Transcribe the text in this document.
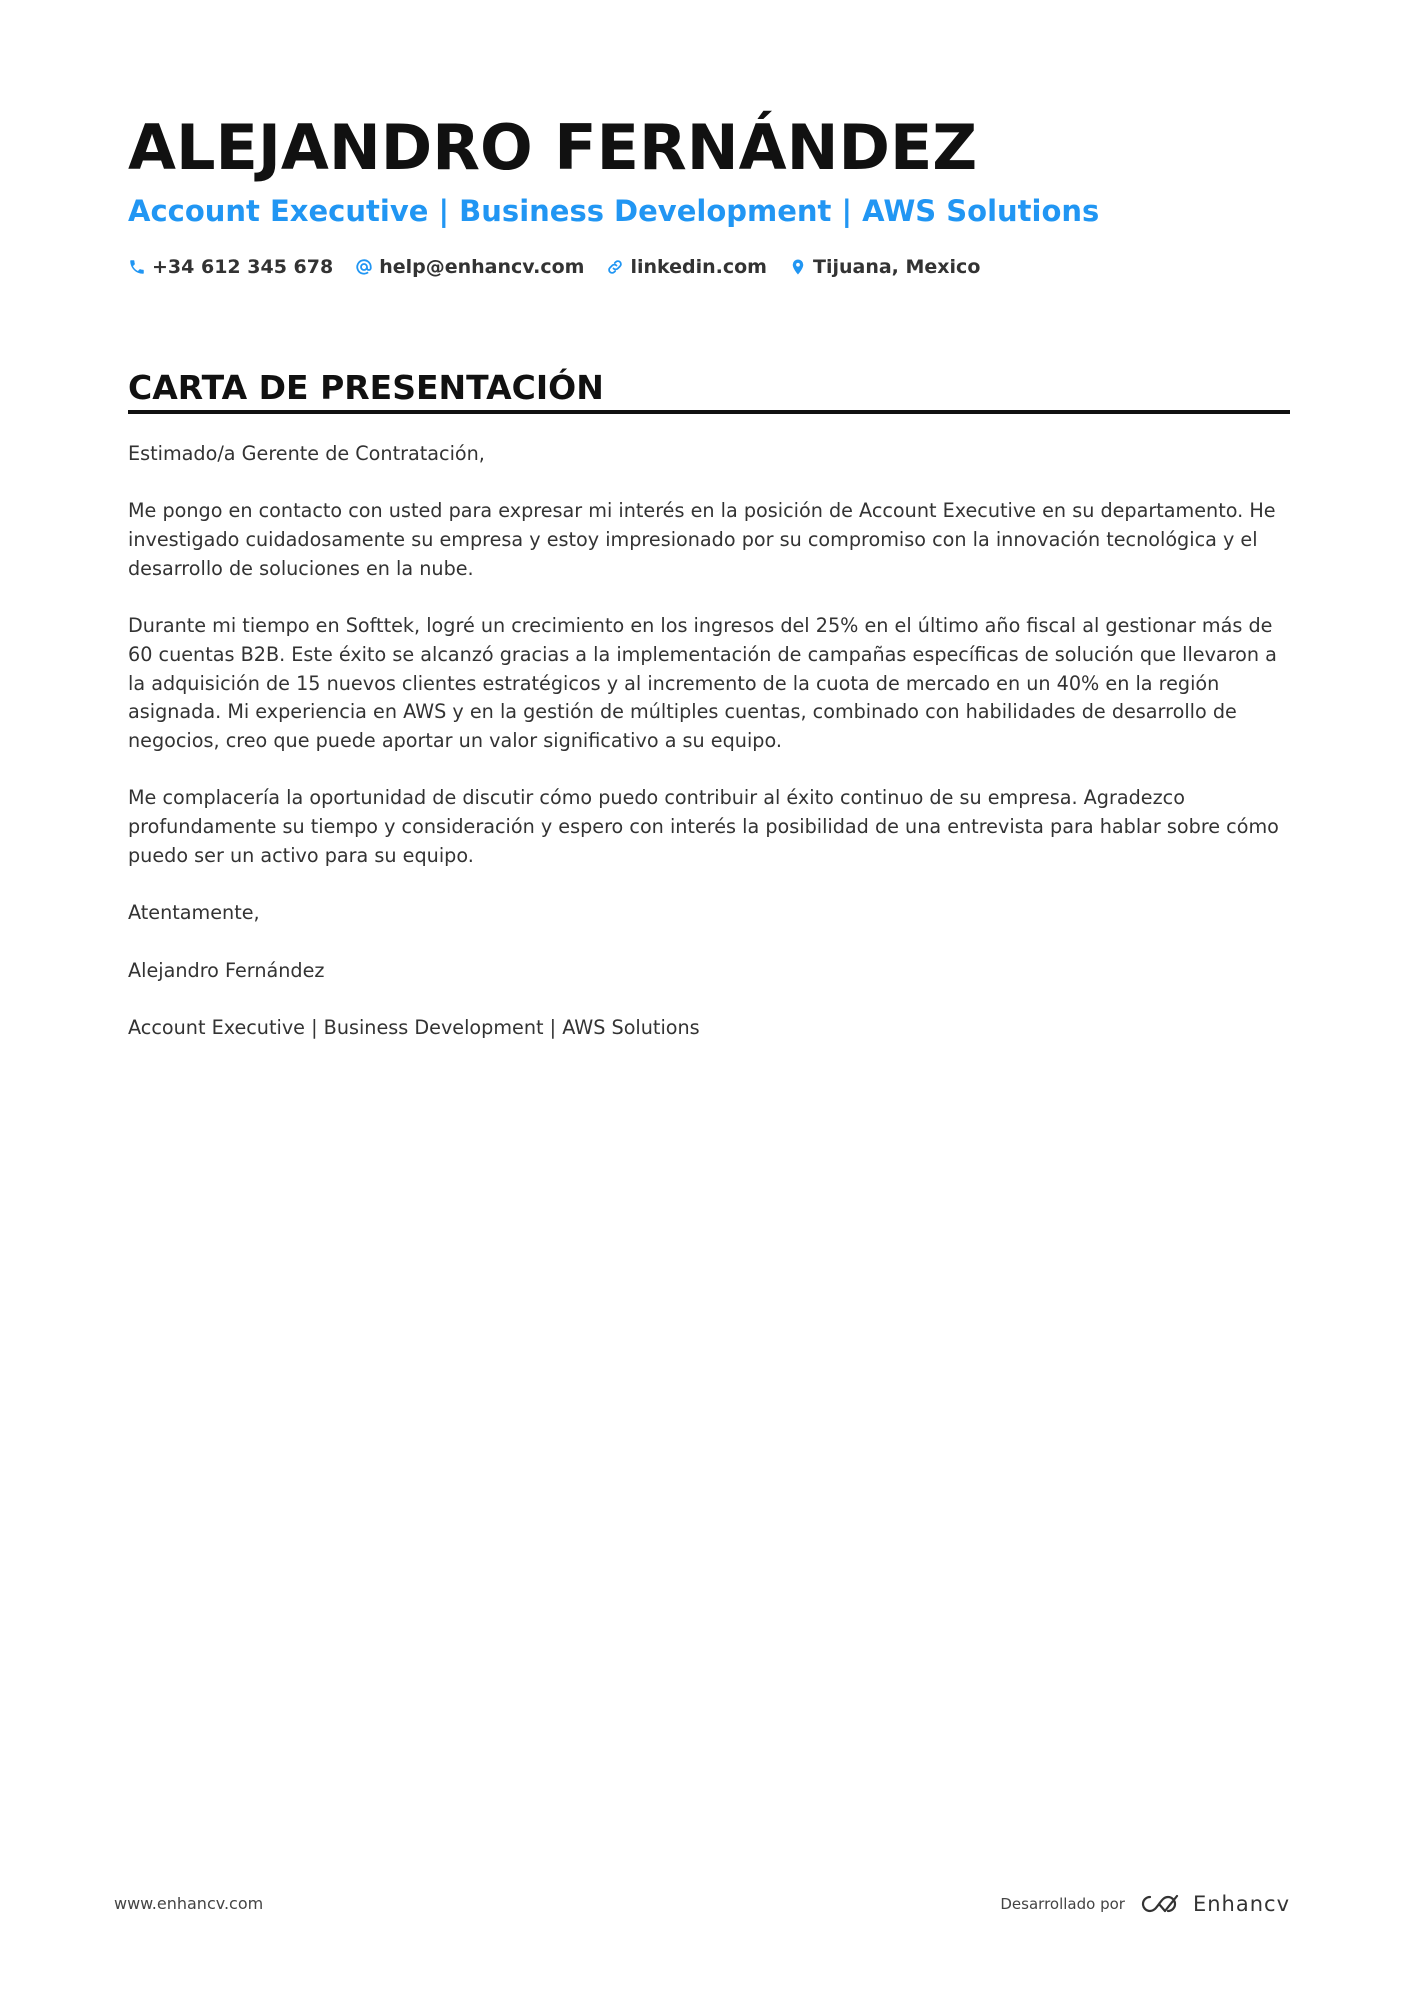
ALEJANDRO FERNÁNDEZ
Account Executive | Business Development | AWS Solutions
+34 612 345 678 help@enhancv.com linkedin.com Tijuana, Mexico
CARTA DE PRESENTACIÓN

Estimado/a Gerente de Contratación,

Me pongo en contacto con usted para expresar mi interés en la posición de Account Executive en su departamento. He investigado cuidadosamente su empresa y estoy impresionado por su compromiso con la innovación tecnológica y el desarrollo de soluciones en la nube.

Durante mi tiempo en Softtek, logré un crecimiento en los ingresos del 25% en el último año fiscal al gestionar más de 60 cuentas B2B. Este éxito se alcanzó gracias a la implementación de campañas específicas de solución que llevaron a la adquisición de 15 nuevos clientes estratégicos y al incremento de la cuota de mercado en un 40% en la región asignada. Mi experiencia en AWS y en la gestión de múltiples cuentas, combinado con habilidades de desarrollo de negocios, creo que puede aportar un valor significativo a su equipo.

Me complacería la oportunidad de discutir cómo puedo contribuir al éxito continuo de su empresa. Agradezco profundamente su tiempo y consideración y espero con interés la posibilidad de una entrevista para hablar sobre cómo puedo ser un activo para su equipo.

Atentamente,

Alejandro Fernández

Account Executive | Business Development | AWS Solutions

www.enhancv.com	Desarrollado por	Enhancv
